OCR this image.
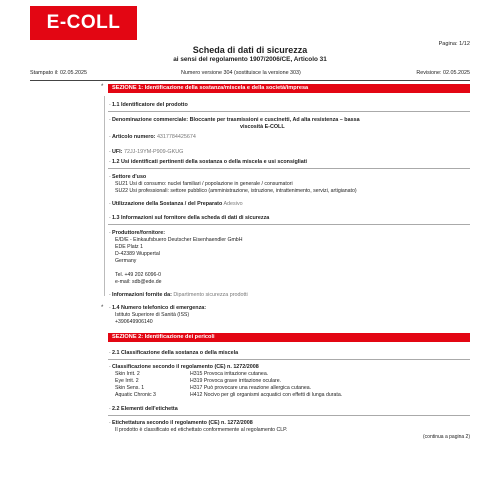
E-COLL
Pagina: 1/12
Scheda di dati di sicurezza
ai sensi del regolamento 1907/2006/CE, Articolo 31
Stampato il: 02.05.2025	Numero versione 304 (sostituisce la versione 303)	Revisione: 02.05.2025
*	SEZIONE 1: Identificazione della sostanza/miscela e della società/impresa
· 1.1 Identificatore del prodotto
· Denominazione commerciale: Bloccante per trasmissioni e cuscinetti, Ad alta resistenza – bassa
viscosità E-COLL
· Articolo numero: 4317784425674
· UFI: 72JJ-19YM-P909-GKUG
· 1.2 Usi identificati pertinenti della sostanza o della miscela e usi sconsigliati
· Settore d'uso
SU21 Usi di consumo: nuclei familiari / popolazione in generale / consumatori
SU22 Usi professionali: settore pubblico (amministrazione, istruzione, intrattenimento, servizi, artigianato)
· Utilizzazione della Sostanza / del Preparato Adesivo
· 1.3 Informazioni sul fornitore della scheda di dati di sicurezza
· Produttore/fornitore:
E/D/E - Einkaufsbuero Deutscher Eisenhaendler GmbH
EDE Platz 1
D-42389 Wuppertal
Germany
Tel. +49 202 6096-0
e-mail: sdb@ede.de
· Informazioni fornite da: Dipartimento sicurezza prodotti
* · 1.4 Numero telefonico di emergenza:
Istituto Superiore di Sanità (ISS)
+390649906140
SEZIONE 2: Identificazione dei pericoli
· 2.1 Classificazione della sostanza o della miscela
· Classificazione secondo il regolamento (CE) n. 1272/2008
Skin Irrit. 2	H315 Provoca irritazione cutanea.
Eye Irrit. 2	H319 Provoca grave irritazione oculare.
Skin Sens. 1	H317 Può provocare una reazione allergica cutanea.
Aquatic Chronic 3	H412 Nocivo per gli organismi acquatici con effetti di lunga durata.
· 2.2 Elementi dell'etichetta
· Etichettatura secondo il regolamento (CE) n. 1272/2008
Il prodotto è classificato ed etichettato conformemente al regolamento CLP.
(continua a pagina 2)
